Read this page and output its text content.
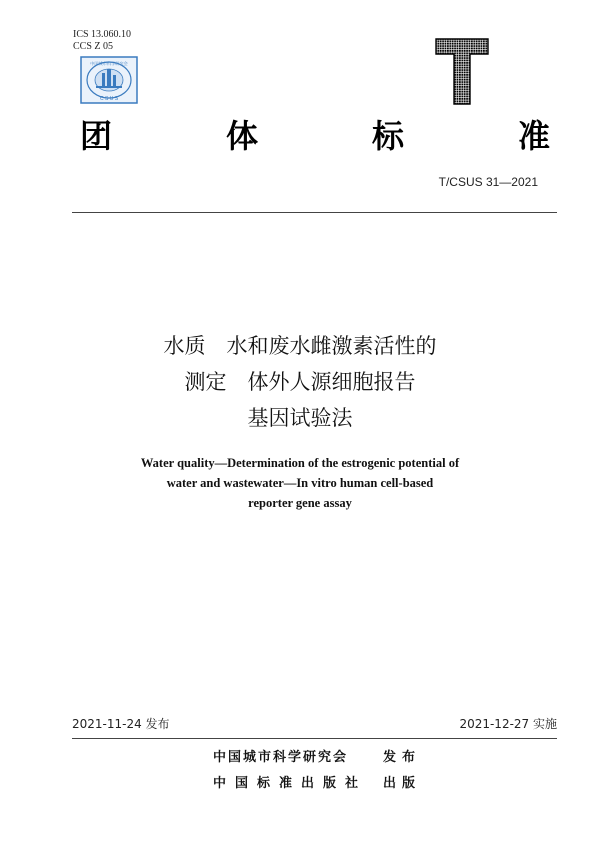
ICS 13.060.10
CCS Z 05
中国城市科学研究会
C S U S
团	体	标	准
T/CSUS 31—2021
水质　水和废水雌激素活性的
测定　体外人源细胞报告
基因试验法
Water quality—Determination of the estrogenic potential of
water and wastewater—In vitro human cell-based
reporter gene assay
2021-11-24 发布	2021-12-27 实施
中国城市科学研究会	发布
中国标准出版社	出版
